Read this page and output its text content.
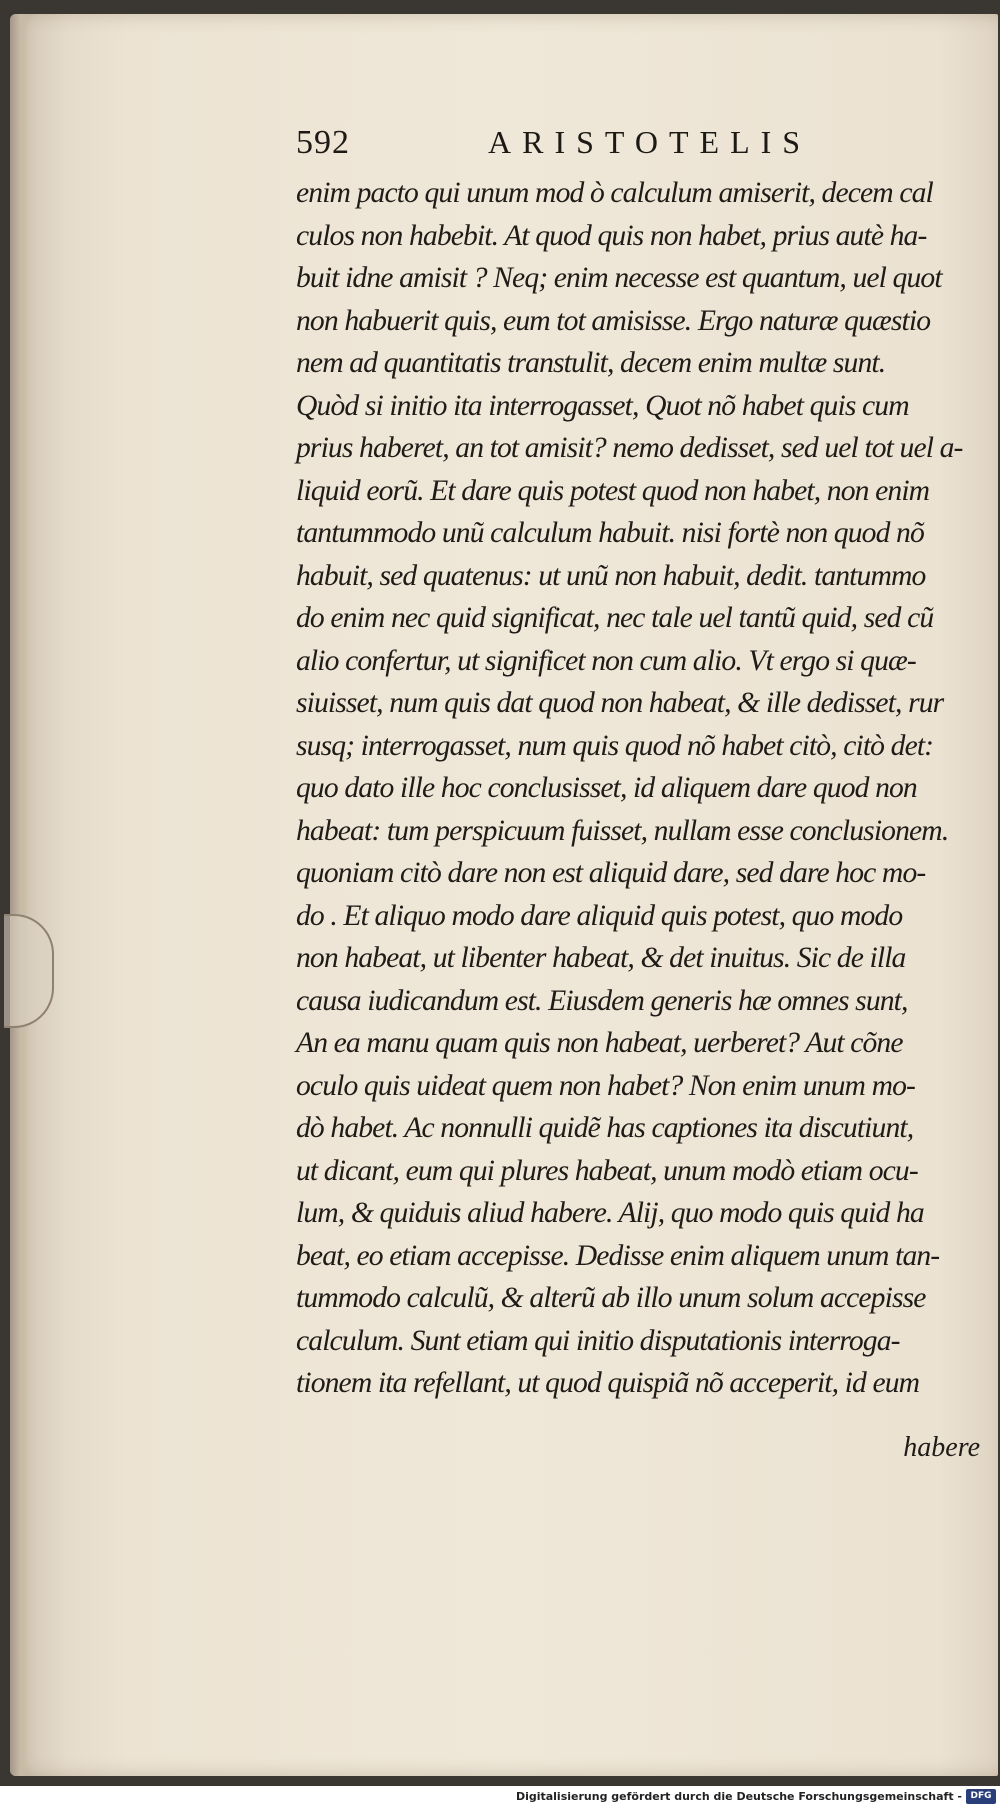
592	ARISTOTELIS
enim pacto qui unum mod ò calculum amiserit, decem cal
culos non habebit. At quod quis non habet, prius autè ha-
buit idne amisit ? Neq; enim necesse est quantum, uel quot
non habuerit quis, eum tot amisisse. Ergo naturæ quæstio
nem ad quantitatis transtulit, decem enim multæ sunt.
Quòd si initio ita interrogasset, Quot nõ habet quis cum
prius haberet, an tot amisit? nemo dedisset, sed uel tot uel a-
liquid eorũ. Et dare quis potest quod non habet, non enim
tantummodo unũ calculum habuit. nisi fortè non quod nõ
habuit, sed quatenus: ut unũ non habuit, dedit. tantummo
do enim nec quid significat, nec tale uel tantũ quid, sed cũ
alio confertur, ut significet non cum alio. Vt ergo si quæ-
siuisset, num quis dat quod non habeat, & ille dedisset, rur
susq; interrogasset, num quis quod nõ habet citò, citò det:
quo dato ille hoc conclusisset, id aliquem dare quod non
habeat: tum perspicuum fuisset, nullam esse conclusionem.
quoniam citò dare non est aliquid dare, sed dare hoc mo-
do . Et aliquo modo dare aliquid quis potest, quo modo
non habeat, ut libenter habeat, & det inuitus. Sic de illa
causa iudicandum est. Eiusdem generis hæ omnes sunt,
An ea manu quam quis non habeat, uerberet? Aut cõne
oculo quis uideat quem non habet? Non enim unum mo-
dò habet. Ac nonnulli quidẽ has captiones ita discutiunt,
ut dicant, eum qui plures habeat, unum modò etiam ocu-
lum, & quiduis aliud habere. Alij, quo modo quis quid ha
beat, eo etiam accepisse. Dedisse enim aliquem unum tan-
tummodo calculũ, & alterũ ab illo unum solum accepisse
calculum. Sunt etiam qui initio disputationis interroga-
tionem ita refellant, ut quod quispiã nõ acceperit, id eum
habere
Digitalisierung gefördert durch die Deutsche Forschungsgemeinschaft - DFG
